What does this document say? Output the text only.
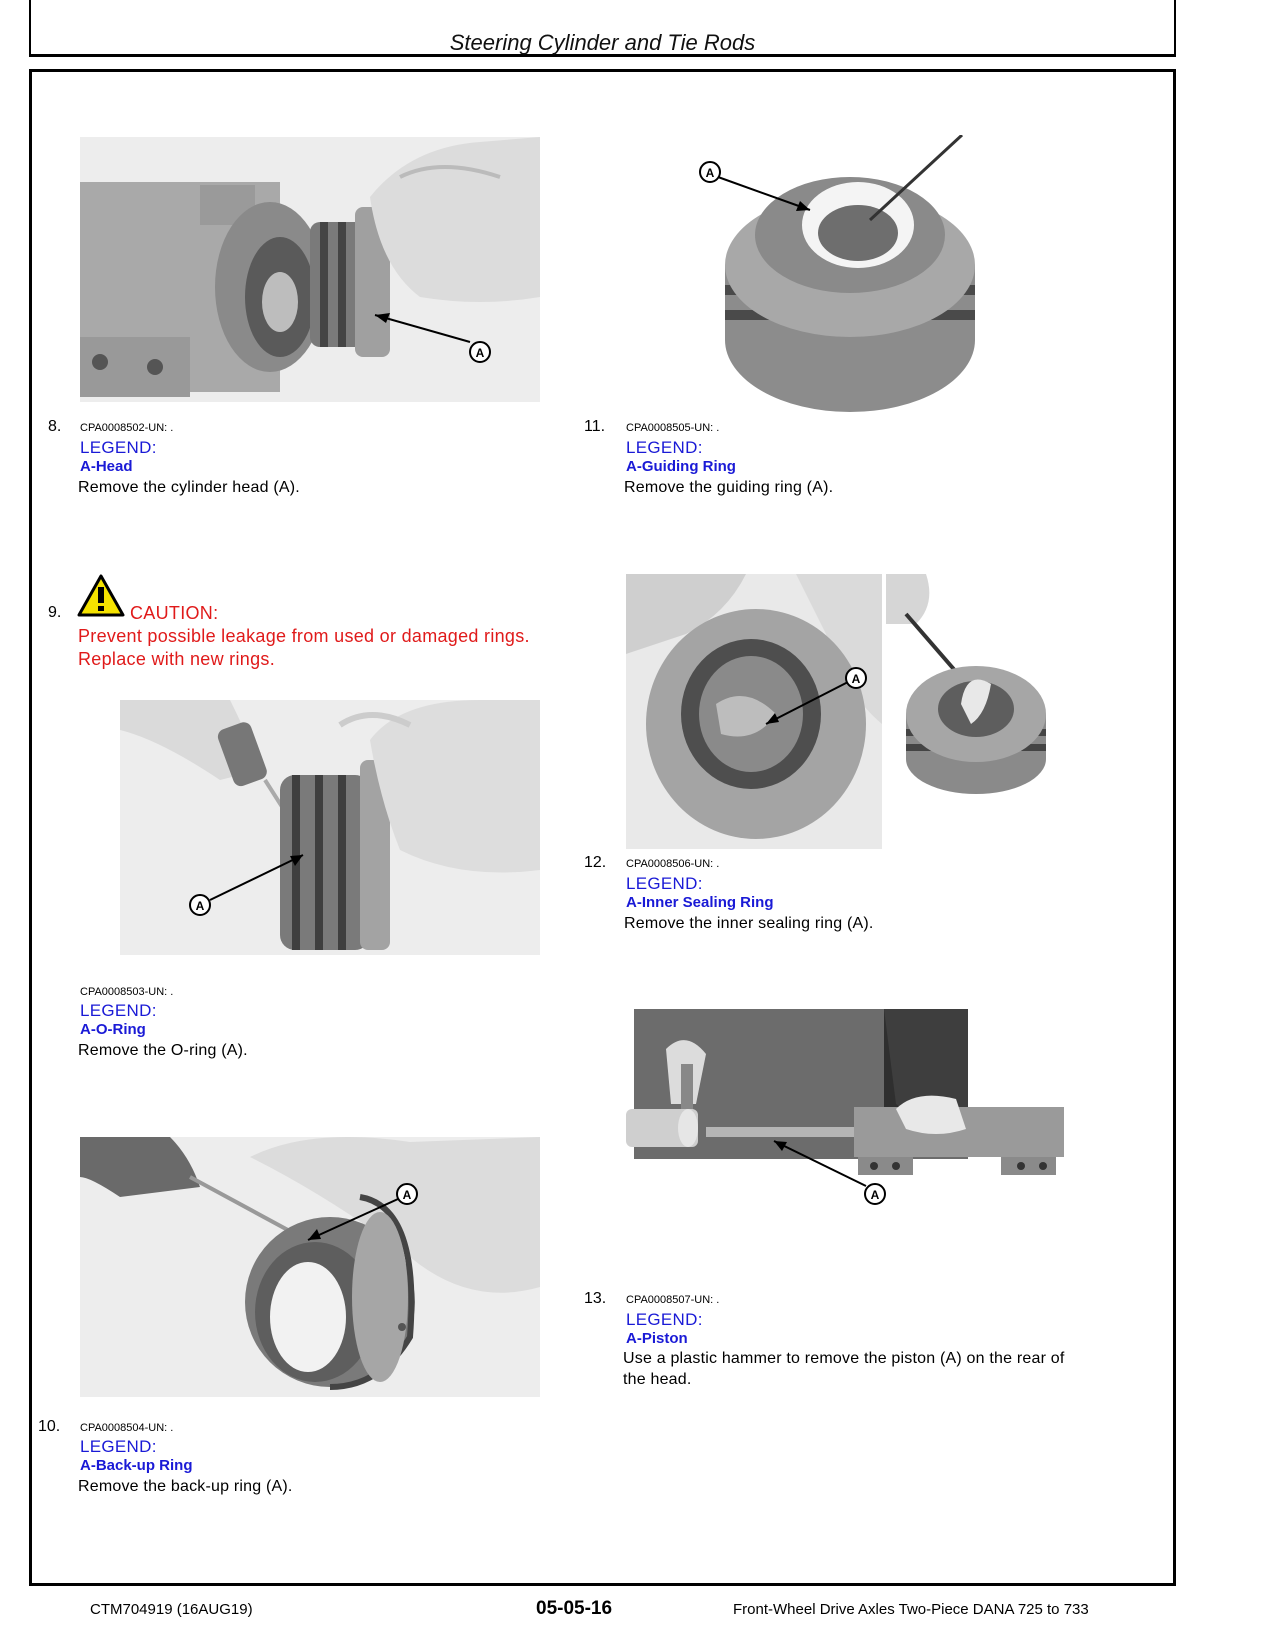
Steering Cylinder and Tie Rods
A
8. CPA0008502-UN: .
LEGEND:
A-Head
Remove the cylinder head (A).
9.	CAUTION:
Prevent possible leakage from used or damaged rings.
Replace with new rings.
A
CPA0008503-UN: .
LEGEND:
A-O-Ring
Remove the O-ring (A).
A
10. CPA0008504-UN: .
LEGEND:
A-Back-up Ring
Remove the back-up ring (A).
A
11. CPA0008505-UN: .
LEGEND:
A-Guiding Ring
Remove the guiding ring (A).
A
12. CPA0008506-UN: .
LEGEND:
A-Inner Sealing Ring
Remove the inner sealing ring (A).
A
13. CPA0008507-UN: .
LEGEND:
A-Piston
Use a plastic hammer to remove the piston (A) on the rear of
the head.
CTM704919 (16AUG19)	05-05-16	Front-Wheel Drive Axles Two-Piece DANA 725 to 733
